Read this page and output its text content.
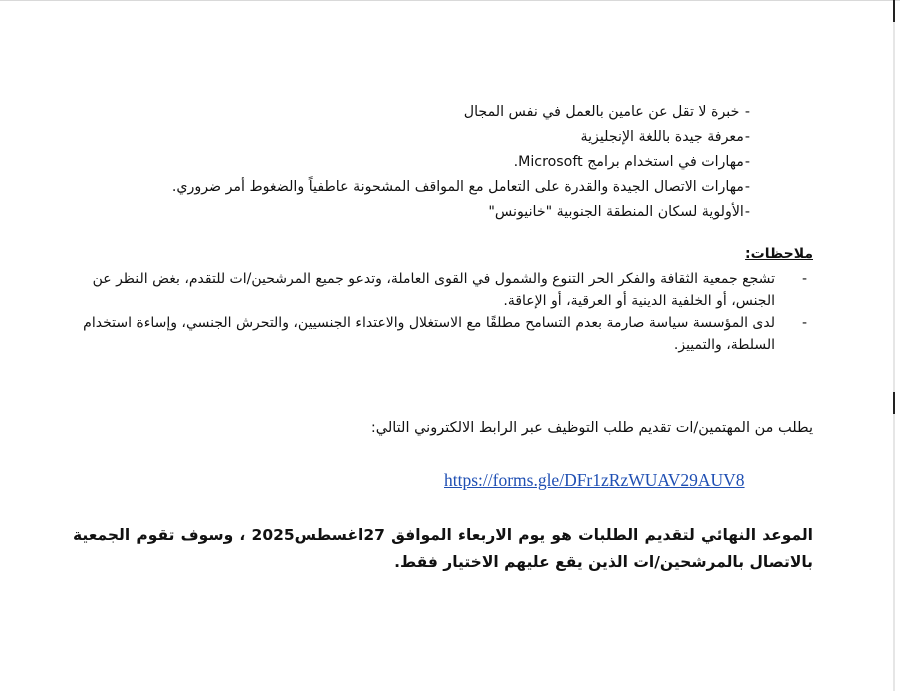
- خبرة لا تقل عن عامين بالعمل في نفس المجال
-معرفة جيدة باللغة الإنجليزية
-مهارات في استخدام برامج Microsoft.
-مهارات الاتصال الجيدة والقدرة على التعامل مع المواقف المشحونة عاطفياً والضغوط أمر ضروري.
-الأولوية لسكان المنطقة الجنوبية "خانيونس"
ملاحظات:
-
تشجع جمعية الثقافة والفكر الحر التنوع والشمول في القوى العاملة، وتدعو جميع المرشحين/ات للتقدم، بغض النظر عن الجنس، أو الخلفية الدينية أو العرقية، أو الإعاقة.
-
لدى المؤسسة سياسة صارمة بعدم التسامح مطلقًا مع الاستغلال والاعتداء الجنسيين، والتحرش الجنسي، وإساءة استخدام السلطة، والتمييز.
يطلب من المهتمين/ات تقديم طلب التوظيف عبر الرابط الالكتروني التالي:
https://forms.gle/DFr1zRzWUAV29AUV8
الموعد النهائي لتقديم الطلبات هو يوم الاربعاء الموافق 27اغسطس2025 ، وسوف تقوم الجمعية بالاتصال بالمرشحين/ات الذين يقع عليهم الاختيار فقط.
